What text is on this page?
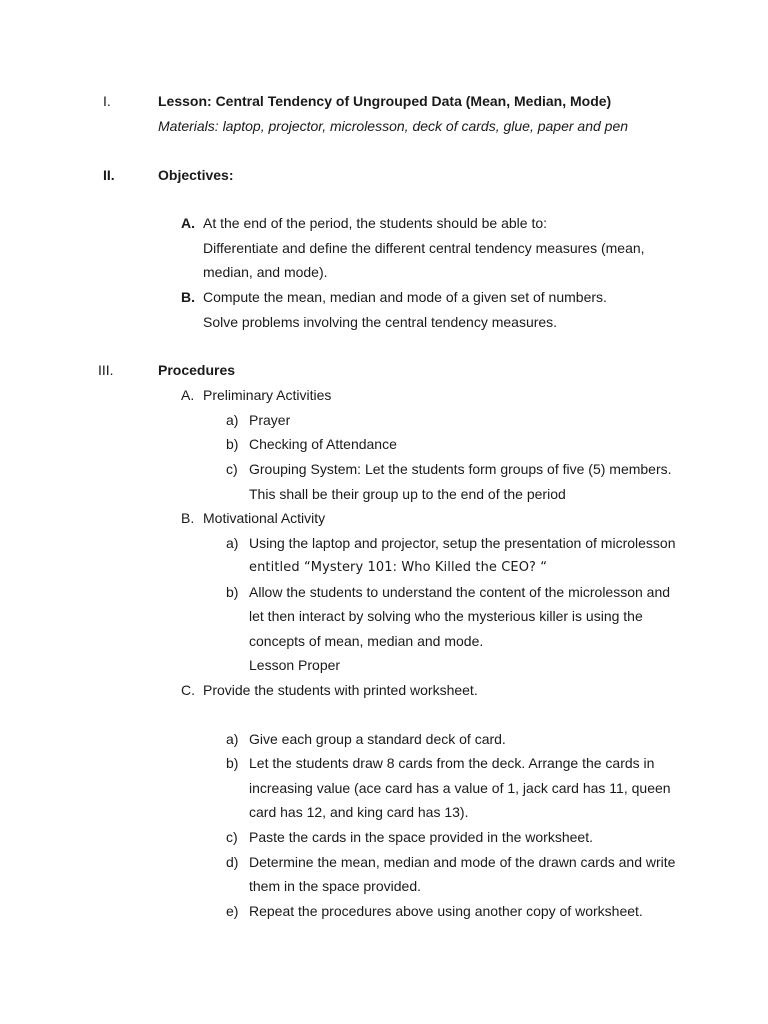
I.	Lesson: Central Tendency of Ungrouped Data (Mean, Median, Mode)
Materials: laptop, projector, microlesson, deck of cards, glue, paper and pen
II.	Objectives:
A. At the end of the period, the students should be able to:
Differentiate and define the different central tendency measures (mean,
median, and mode).
B. Compute the mean, median and mode of a given set of numbers.
Solve problems involving the central tendency measures.
III.	Procedures
A. Preliminary Activities
a) Prayer
b) Checking of Attendance
c) Grouping System: Let the students form groups of five (5) members.
This shall be their group up to the end of the period
B. Motivational Activity
a) Using the laptop and projector, setup the presentation of microlesson
entitled “Mystery 101: Who Killed the CEO? “
b) Allow the students to understand the content of the microlesson and
let then interact by solving who the mysterious killer is using the
concepts of mean, median and mode.
Lesson Proper
C. Provide the students with printed worksheet.
a) Give each group a standard deck of card.
b) Let the students draw 8 cards from the deck. Arrange the cards in
increasing value (ace card has a value of 1, jack card has 11, queen
card has 12, and king card has 13).
c) Paste the cards in the space provided in the worksheet.
d) Determine the mean, median and mode of the drawn cards and write
them in the space provided.
e) Repeat the procedures above using another copy of worksheet.
